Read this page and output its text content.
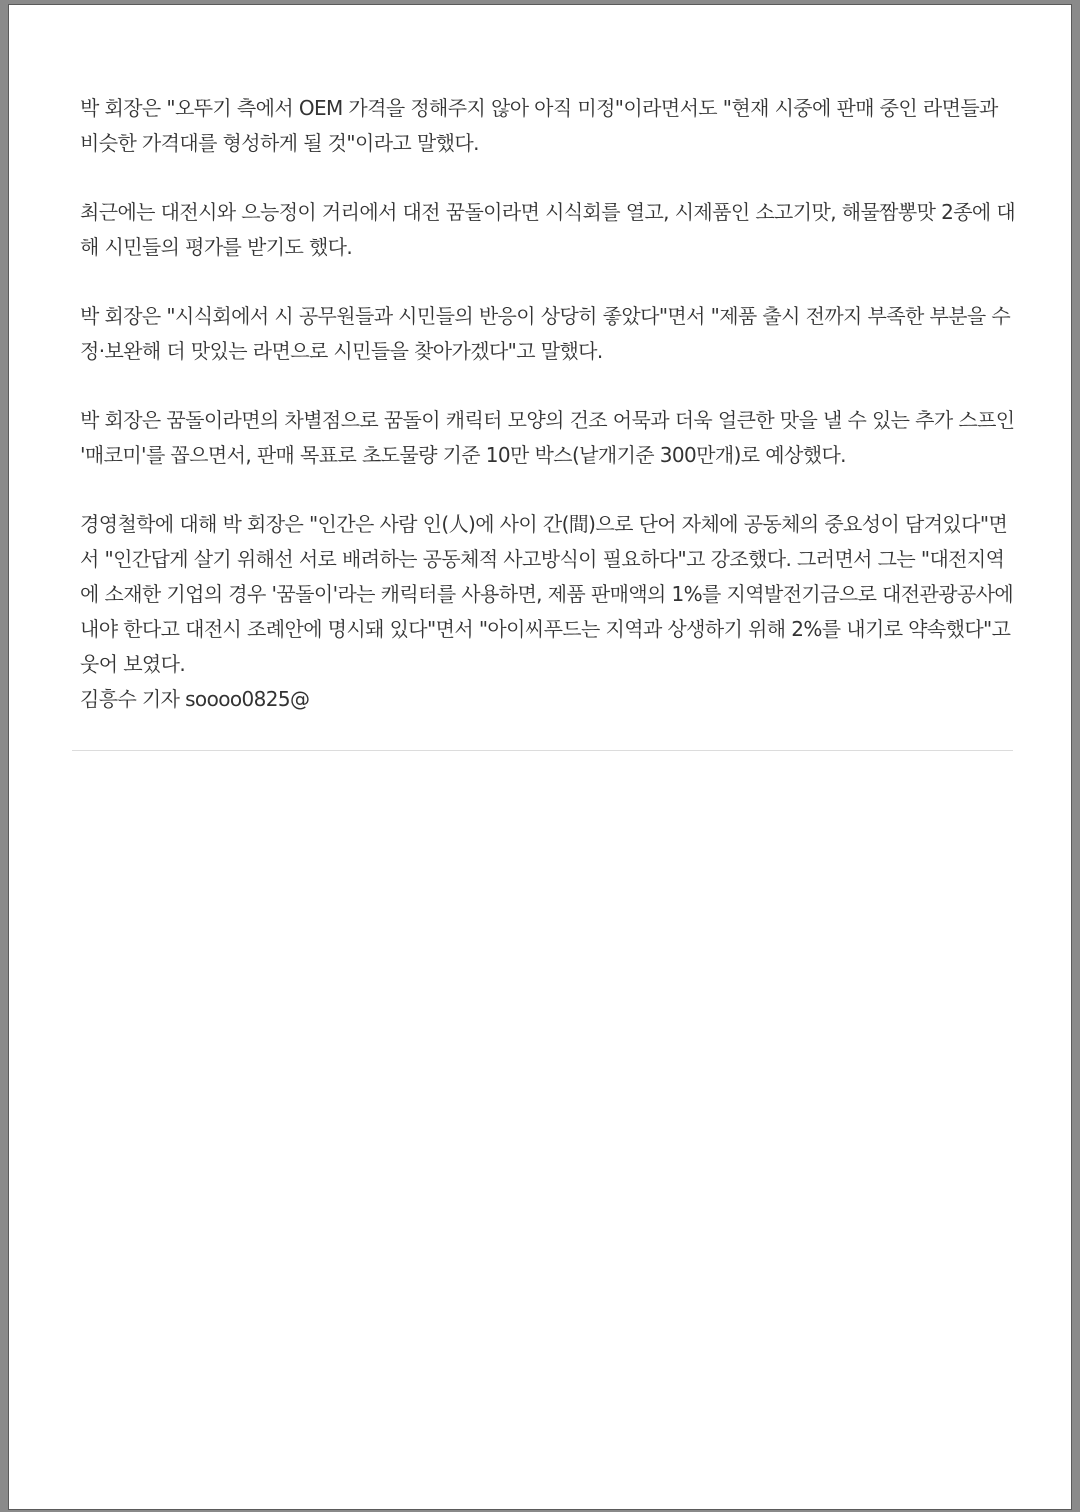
박 회장은 "오뚜기 측에서 OEM 가격을 정해주지 않아 아직 미정"이라면서도 "현재 시중에 판매 중인 라면들과 비슷한 가격대를 형성하게 될 것"이라고 말했다.

최근에는 대전시와 으능정이 거리에서 대전 꿈돌이라면 시식회를 열고, 시제품인 소고기맛, 해물짬뽕맛 2종에 대해 시민들의 평가를 받기도 했다.

박 회장은 "시식회에서 시 공무원들과 시민들의 반응이 상당히 좋았다"면서 "제품 출시 전까지 부족한 부분을 수정·보완해 더 맛있는 라면으로 시민들을 찾아가겠다"고 말했다.

박 회장은 꿈돌이라면의 차별점으로 꿈돌이 캐릭터 모양의 건조 어묵과 더욱 얼큰한 맛을 낼 수 있는 추가 스프인 '매코미'를 꼽으면서, 판매 목표로 초도물량 기준 10만 박스(낱개기준 300만개)로 예상했다.

경영철학에 대해 박 회장은 "인간은 사람 인(人)에 사이 간(間)으로 단어 자체에 공동체의 중요성이 담겨있다"면서 "인간답게 살기 위해선 서로 배려하는 공동체적 사고방식이 필요하다"고 강조했다. 그러면서 그는 "대전지역에 소재한 기업의 경우 '꿈돌이'라는 캐릭터를 사용하면, 제품 판매액의 1%를 지역발전기금으로 대전관광공사에 내야 한다고 대전시 조례안에 명시돼 있다"면서 "아이씨푸드는 지역과 상생하기 위해 2%를 내기로 약속했다"고 웃어 보였다.

김흥수 기자 soooo0825@
